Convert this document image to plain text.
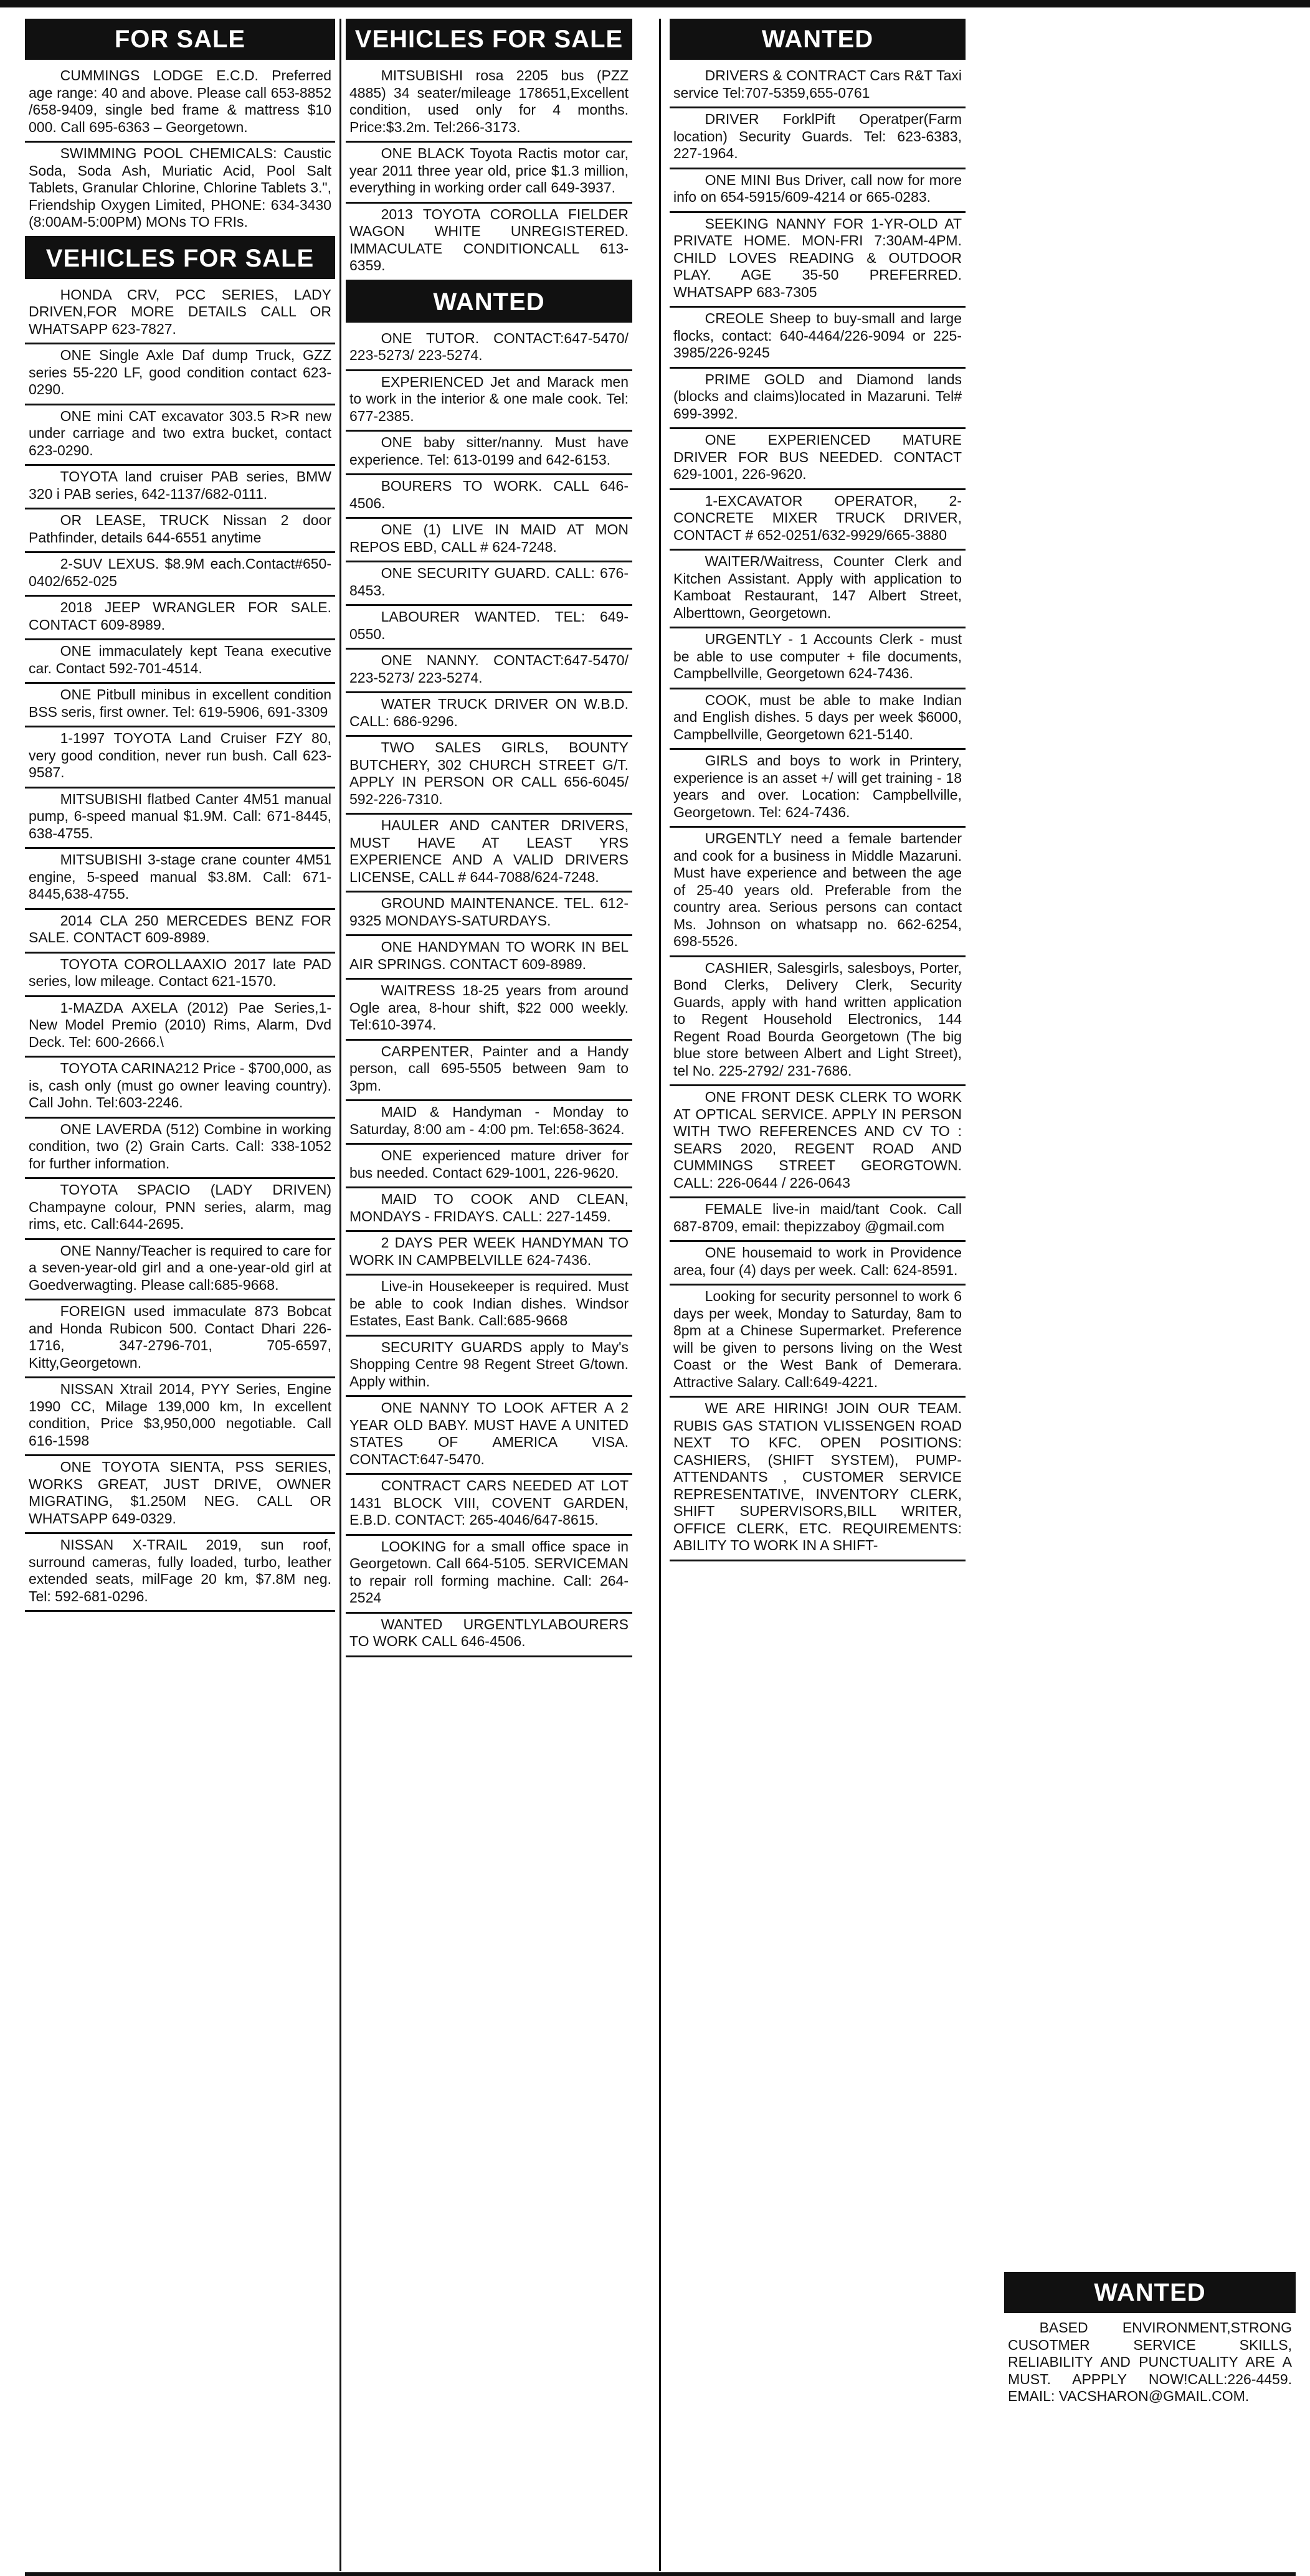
FOR SALE

CUMMINGS LODGE E.C.D. Preferred age range: 40 and above. Please call 653-8852 /658-9409, single bed frame & mattress $10 000. Call 695-6363 – Georgetown.

SWIMMING POOL CHEMICALS: Caustic Soda, Soda Ash, Muriatic Acid, Pool Salt Tablets, Granular Chlorine, Chlorine Tablets 3.", Friendship Oxygen Limited, PHONE: 634-3430 (8:00AM-5:00PM) MONs TO FRIs.

VEHICLES FOR SALE

HONDA CRV, PCC SERIES, LADY DRIVEN,FOR MORE DETAILS CALL OR WHATSAPP 623-7827.

ONE Single Axle Daf dump Truck, GZZ series 55-220 LF, good condition contact 623-0290.

ONE mini CAT excavator 303.5 R>R new under carriage and two extra bucket, contact 623-0290.

TOYOTA land cruiser PAB series, BMW 320 i PAB series, 642-1137/682-0111.

OR LEASE, TRUCK Nissan 2 door Pathfinder, details 644-6551 anytime

2-SUV LEXUS. $8.9M each.Contact#650-0402/652-025

2018 JEEP WRANGLER FOR SALE. CONTACT 609-8989.

ONE immaculately kept Teana executive car. Contact 592-701-4514.

ONE Pitbull minibus in excellent condition BSS seris, first owner. Tel: 619-5906, 691-3309

1-1997 TOYOTA Land Cruiser FZY 80, very good condition, never run bush. Call 623-9587.

MITSUBISHI flatbed Canter 4M51 manual pump, 6-speed manual $1.9M. Call: 671-8445, 638-4755.

MITSUBISHI 3-stage crane counter 4M51 engine, 5-speed manual $3.8M. Call: 671-8445,638-4755.

2014 CLA 250 MERCEDES BENZ FOR SALE. CONTACT 609-8989.

TOYOTA COROLLAAXIO 2017 late PAD series, low mileage. Contact 621-1570.

1-MAZDA AXELA (2012) Pae Series,1- New Model Premio (2010) Rims, Alarm, Dvd Deck. Tel: 600-2666.\

TOYOTA CARINA212 Price - $700,000, as is, cash only (must go owner leaving country). Call John. Tel:603-2246.

ONE LAVERDA (512) Combine in working condition, two (2) Grain Carts. Call: 338-1052 for further information.

TOYOTA SPACIO (LADY DRIVEN) Champayne colour, PNN series, alarm, mag rims, etc. Call:644-2695.

ONE Nanny/Teacher is required to care for a seven-year-old girl and a one-year-old girl at Goedverwagting. Please call:685-9668.

FOREIGN used immaculate 873 Bobcat and Honda Rubicon 500. Contact Dhari 226-1716, 347-2796-701, 705-6597, Kitty,Georgetown.

NISSAN Xtrail 2014, PYY Series, Engine 1990 CC, Milage 139,000 km, In excellent condition, Price $3,950,000 negotiable. Call 616-1598

ONE TOYOTA SIENTA, PSS SERIES, WORKS GREAT, JUST DRIVE, OWNER MIGRATING, $1.250M NEG. CALL OR WHATSAPP 649-0329.

NISSAN X-TRAIL 2019, sun roof, surround cameras, fully loaded, turbo, leather extended seats, milFage 20 km, $7.8M neg. Tel: 592-681-0296.

VEHICLES FOR SALE

MITSUBISHI rosa 2205 bus (PZZ 4885) 34 seater/mileage 178651,Excellent condition, used only for 4 months. Price:$3.2m. Tel:266-3173.

ONE BLACK Toyota Ractis motor car, year 2011 three year old, price $1.3 million, everything in working order call 649-3937.

2013 TOYOTA COROLLA FIELDER WAGON WHITE UNREGISTERED. IMMACULATE CONDITIONCALL 613-6359.

WANTED

ONE TUTOR. CONTACT:647-5470/ 223-5273/ 223-5274.

EXPERIENCED Jet and Marack men to work in the interior & one male cook. Tel: 677-2385.

ONE baby sitter/nanny. Must have experience. Tel: 613-0199 and 642-6153.

BOURERS TO WORK. CALL 646-4506.

ONE (1) LIVE IN MAID AT MON REPOS EBD, CALL # 624-7248.

ONE SECURITY GUARD. CALL: 676-8453.

LABOURER WANTED. TEL: 649-0550.

ONE NANNY. CONTACT:647-5470/ 223-5273/ 223-5274.

WATER TRUCK DRIVER ON W.B.D. CALL: 686-9296.

TWO SALES GIRLS, BOUNTY BUTCHERY, 302 CHURCH STREET G/T. APPLY IN PERSON OR CALL 656-6045/ 592-226-7310.

HAULER AND CANTER DRIVERS, MUST HAVE AT LEAST YRS EXPERIENCE AND A VALID DRIVERS LICENSE, CALL # 644-7088/624-7248.

GROUND MAINTENANCE. TEL. 612-9325 MONDAYS-SATURDAYS.

ONE HANDYMAN TO WORK IN BEL AIR SPRINGS. CONTACT 609-8989.

WAITRESS 18-25 years from around Ogle area, 8-hour shift, $22 000 weekly. Tel:610-3974.

CARPENTER, Painter and a Handy person, call 695-5505 between 9am to 3pm.

MAID & Handyman - Monday to Saturday, 8:00 am - 4:00 pm. Tel:658-3624.

ONE experienced mature driver for bus needed. Contact 629-1001, 226-9620.

MAID TO COOK AND CLEAN, MONDAYS - FRIDAYS. CALL: 227-1459.

2 DAYS PER WEEK HANDYMAN TO WORK IN CAMPBELVILLE 624-7436.

Live-in Housekeeper is required. Must be able to cook Indian dishes. Windsor Estates, East Bank. Call:685-9668

SECURITY GUARDS apply to May's Shopping Centre 98 Regent Street G/town. Apply within.

ONE NANNY TO LOOK AFTER A 2 YEAR OLD BABY. MUST HAVE A UNITED STATES OF AMERICA VISA. CONTACT:647-5470.

CONTRACT CARS NEEDED AT LOT 1431 BLOCK VIII, COVENT GARDEN, E.B.D. CONTACT: 265-4046/647-8615.

LOOKING for a small office space in Georgetown. Call 664-5105. SERVICEMAN to repair roll forming machine. Call: 264-2524

WANTED URGENTLYLABOURERS TO WORK CALL 646-4506.

WANTED

DRIVERS & CONTRACT Cars R&T Taxi service Tel:707-5359,655-0761

DRIVER ForklPift Operatper(Farm location) Security Guards. Tel: 623-6383, 227-1964.

ONE MINI Bus Driver, call now for more info on 654-5915/609-4214 or 665-0283.

SEEKING NANNY FOR 1-YR-OLD AT PRIVATE HOME. MON-FRI 7:30AM-4PM. CHILD LOVES READING & OUTDOOR PLAY. AGE 35-50 PREFERRED. WHATSAPP 683-7305

CREOLE Sheep to buy-small and large flocks, contact: 640-4464/226-9094 or 225-3985/226-9245

PRIME GOLD and Diamond lands (blocks and claims)located in Mazaruni. Tel# 699-3992.

ONE EXPERIENCED MATURE DRIVER FOR BUS NEEDED. CONTACT 629-1001, 226-9620.

1-EXCAVATOR OPERATOR, 2- CONCRETE MIXER TRUCK DRIVER, CONTACT # 652-0251/632-9929/665-3880

WAITER/Waitress, Counter Clerk and Kitchen Assistant. Apply with application to Kamboat Restaurant, 147 Albert Street, Alberttown, Georgetown.

URGENTLY - 1 Accounts Clerk - must be able to use computer + file documents, Campbellville, Georgetown 624-7436.

COOK, must be able to make Indian and English dishes. 5 days per week $6000, Campbellville, Georgetown 621-5140.

GIRLS and boys to work in Printery, experience is an asset +/ will get training - 18 years and over. Location: Campbellville, Georgetown. Tel: 624-7436.

URGENTLY need a female bartender and cook for a business in Middle Mazaruni. Must have experience and between the age of 25-40 years old. Preferable from the country area. Serious persons can contact Ms. Johnson on whatsapp no. 662-6254, 698-5526.

CASHIER, Salesgirls, salesboys, Porter, Bond Clerks, Delivery Clerk, Security Guards, apply with hand written application to Regent Household Electronics, 144 Regent Road Bourda Georgetown (The big blue store between Albert and Light Street), tel No. 225-2792/ 231-7686.

ONE FRONT DESK CLERK TO WORK AT OPTICAL SERVICE. APPLY IN PERSON WITH TWO REFERENCES AND CV TO : SEARS 2020, REGENT ROAD AND CUMMINGS STREET GEORGTOWN. CALL: 226-0644 / 226-0643

FEMALE live-in maid/tant Cook. Call 687-8709, email: thepizzaboy @gmail.com

ONE housemaid to work in Providence area, four (4) days per week. Call: 624-8591.

Looking for security personnel to work 6 days per week, Monday to Saturday, 8am to 8pm at a Chinese Supermarket. Preference will be given to persons living on the West Coast or the West Bank of Demerara. Attractive Salary. Call:649-4221.

WE ARE HIRING! JOIN OUR TEAM. RUBIS GAS STATION VLISSENGEN ROAD NEXT TO KFC. OPEN POSITIONS: CASHIERS, (SHIFT SYSTEM), PUMP-ATTENDANTS , CUSTOMER SERVICE REPRESENTATIVE, INVENTORY CLERK, SHIFT SUPERVISORS,BILL WRITER, OFFICE CLERK, ETC. REQUIREMENTS: ABILITY TO WORK IN A SHIFT-

WANTED

BASED ENVIRONMENT,STRONG CUSOTMER SERVICE SKILLS, RELIABILITY AND PUNCTUALITY ARE A MUST. APPPLY NOW!CALL:226-4459. EMAIL: VACSHARON@GMAIL.COM.
